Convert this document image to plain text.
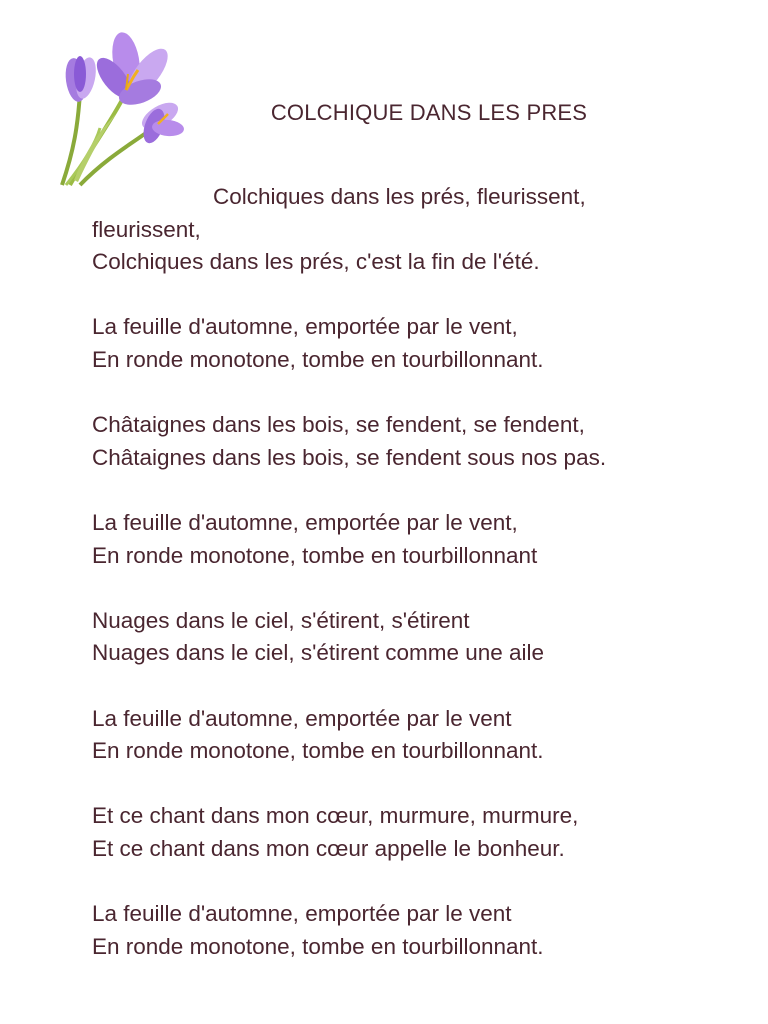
COLCHIQUE DANS LES PRES
Colchiques dans les prés, fleurissent,
fleurissent,
Colchiques dans les prés, c'est la fin de l'été.
La feuille d'automne, emportée par le vent,
En ronde monotone, tombe en tourbillonnant.
Châtaignes dans les bois, se fendent, se fendent,
Châtaignes dans les bois, se fendent sous nos pas.
La feuille d'automne, emportée par le vent,
En ronde monotone, tombe en tourbillonnant
Nuages dans le ciel, s'étirent, s'étirent
Nuages dans le ciel, s'étirent comme une aile
La feuille d'automne, emportée par le vent
En ronde monotone, tombe en tourbillonnant.
Et ce chant dans mon cœur, murmure, murmure,
Et ce chant dans mon cœur appelle le bonheur.
La feuille d'automne, emportée par le vent
En ronde monotone, tombe en tourbillonnant.
